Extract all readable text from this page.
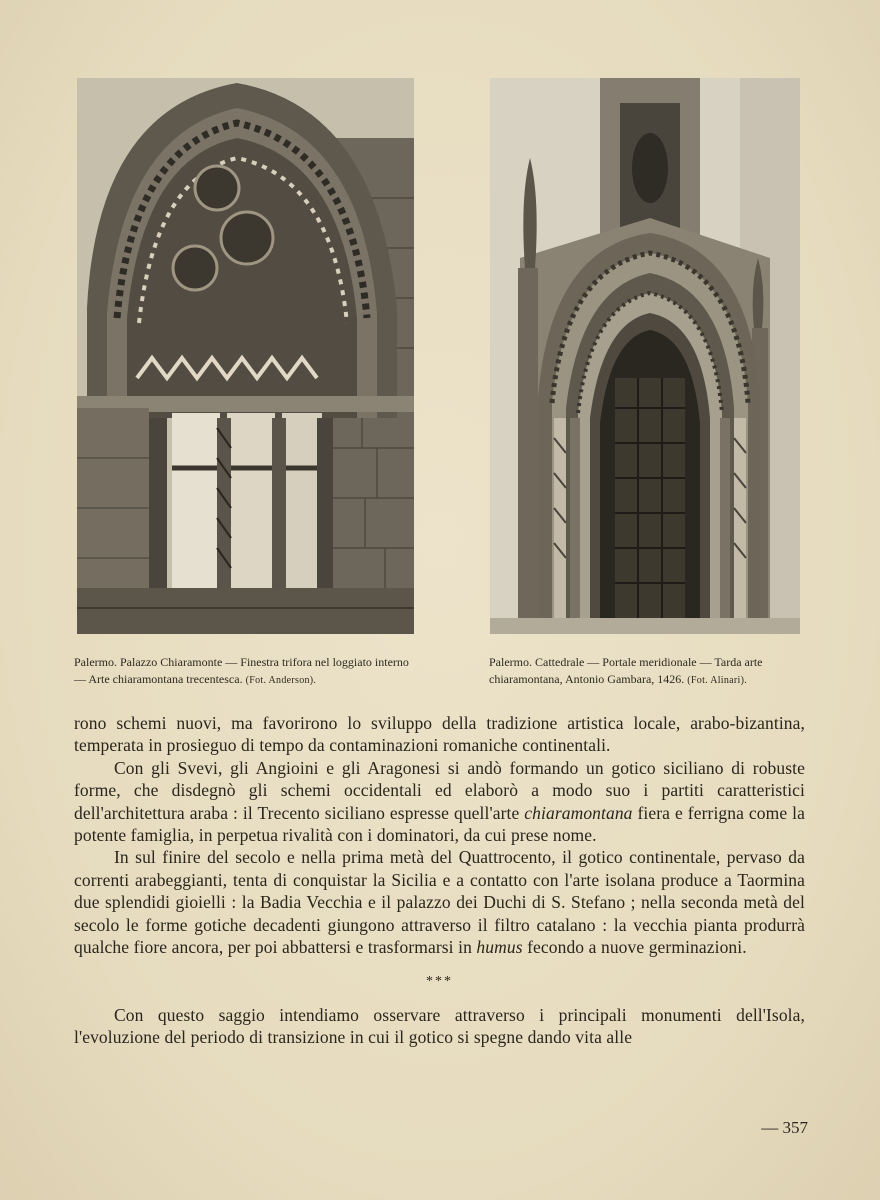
Palermo. Palazzo Chiaramonte — Finestra trifora nel loggiato interno — Arte chiaramontana trecentesca. (Fot. Anderson).
Palermo. Cattedrale — Portale meridionale — Tarda arte chiaramontana, Antonio Gambara, 1426. (Fot. Alinari).

rono schemi nuovi, ma favorirono lo sviluppo della tradizione artistica locale, arabo-bizantina, temperata in prosieguo di tempo da contaminazioni romaniche continentali.

Con gli Svevi, gli Angioini e gli Aragonesi si andò formando un gotico siciliano di robuste forme, che disdegnò gli schemi occidentali ed elaborò a modo suo i partiti caratteristici dell'architettura araba : il Trecento siciliano espresse quell'arte chiaramontana fiera e ferrigna come la potente famiglia, in perpetua rivalità con i dominatori, da cui prese nome.

In sul finire del secolo e nella prima metà del Quattrocento, il gotico continentale, pervaso da correnti arabeggianti, tenta di conquistar la Sicilia e a contatto con l'arte isolana produce a Taormina due splendidi gioielli : la Badia Vecchia e il palazzo dei Duchi di S. Stefano ; nella seconda metà del secolo le forme gotiche decadenti giungono attraverso il filtro catalano : la vecchia pianta produrrà qualche fiore ancora, per poi abbattersi e trasformarsi in humus fecondo a nuove germinazioni.

***

Con questo saggio intendiamo osservare attraverso i principali monumenti dell'Isola, l'evoluzione del periodo di transizione in cui il gotico si spegne dando vita alle

— 357
